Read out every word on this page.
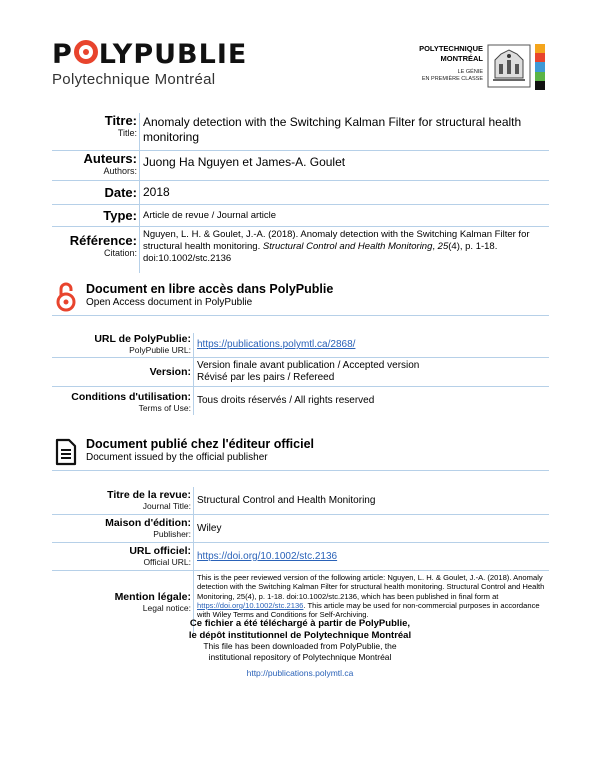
P LYPUBLIE
Polytechnique Montréal
POLYTECHNIQUE
MONTRÉAL
LE GÉNIE
EN PREMIÈRE CLASSE
Titre:
Title:
Anomaly detection with the Switching Kalman Filter for structural health monitoring
Auteurs:
Authors:
Juong Ha Nguyen et James-A. Goulet
Date: 2018
Type: Article de revue / Journal article
Référence:
Citation:
Nguyen, L. H. & Goulet, J.-A. (2018). Anomaly detection with the Switching Kalman Filter for structural health monitoring. Structural Control and Health Monitoring, 25(4), p. 1-18. doi:10.1002/stc.2136
Document en libre accès dans PolyPublie
Open Access document in PolyPublie
URL de PolyPublie:
PolyPublie URL: https://publications.polymtl.ca/2868/
Version:
Version finale avant publication / Accepted version
Révisé par les pairs / Refereed
Conditions d'utilisation:
Terms of Use:
Tous droits réservés / All rights reserved
Document publié chez l'éditeur officiel
Document issued by the official publisher
Titre de la revue:
Journal Title:
Structural Control and Health Monitoring
Maison d'édition:
Publisher:
Wiley
URL officiel:
Official URL:
https://doi.org/10.1002/stc.2136
Mention légale:
Legal notice:
This is the peer reviewed version of the following article: Nguyen, L. H. & Goulet, J.-A. (2018). Anomaly detection with the Switching Kalman Filter for structural health monitoring. Structural Control and Health Monitoring, 25(4), p. 1-18. doi:10.1002/stc.2136, which has been published in final form at https://doi.org/10.1002/stc.2136. This article may be used for non-commercial purposes in accordance with Wiley Terms and Conditions for Self-Archiving.
Ce fichier a été téléchargé à partir de PolyPublie,
le dépôt institutionnel de Polytechnique Montréal
This file has been downloaded from PolyPublie, the
institutional repository of Polytechnique Montréal
http://publications.polymtl.ca
